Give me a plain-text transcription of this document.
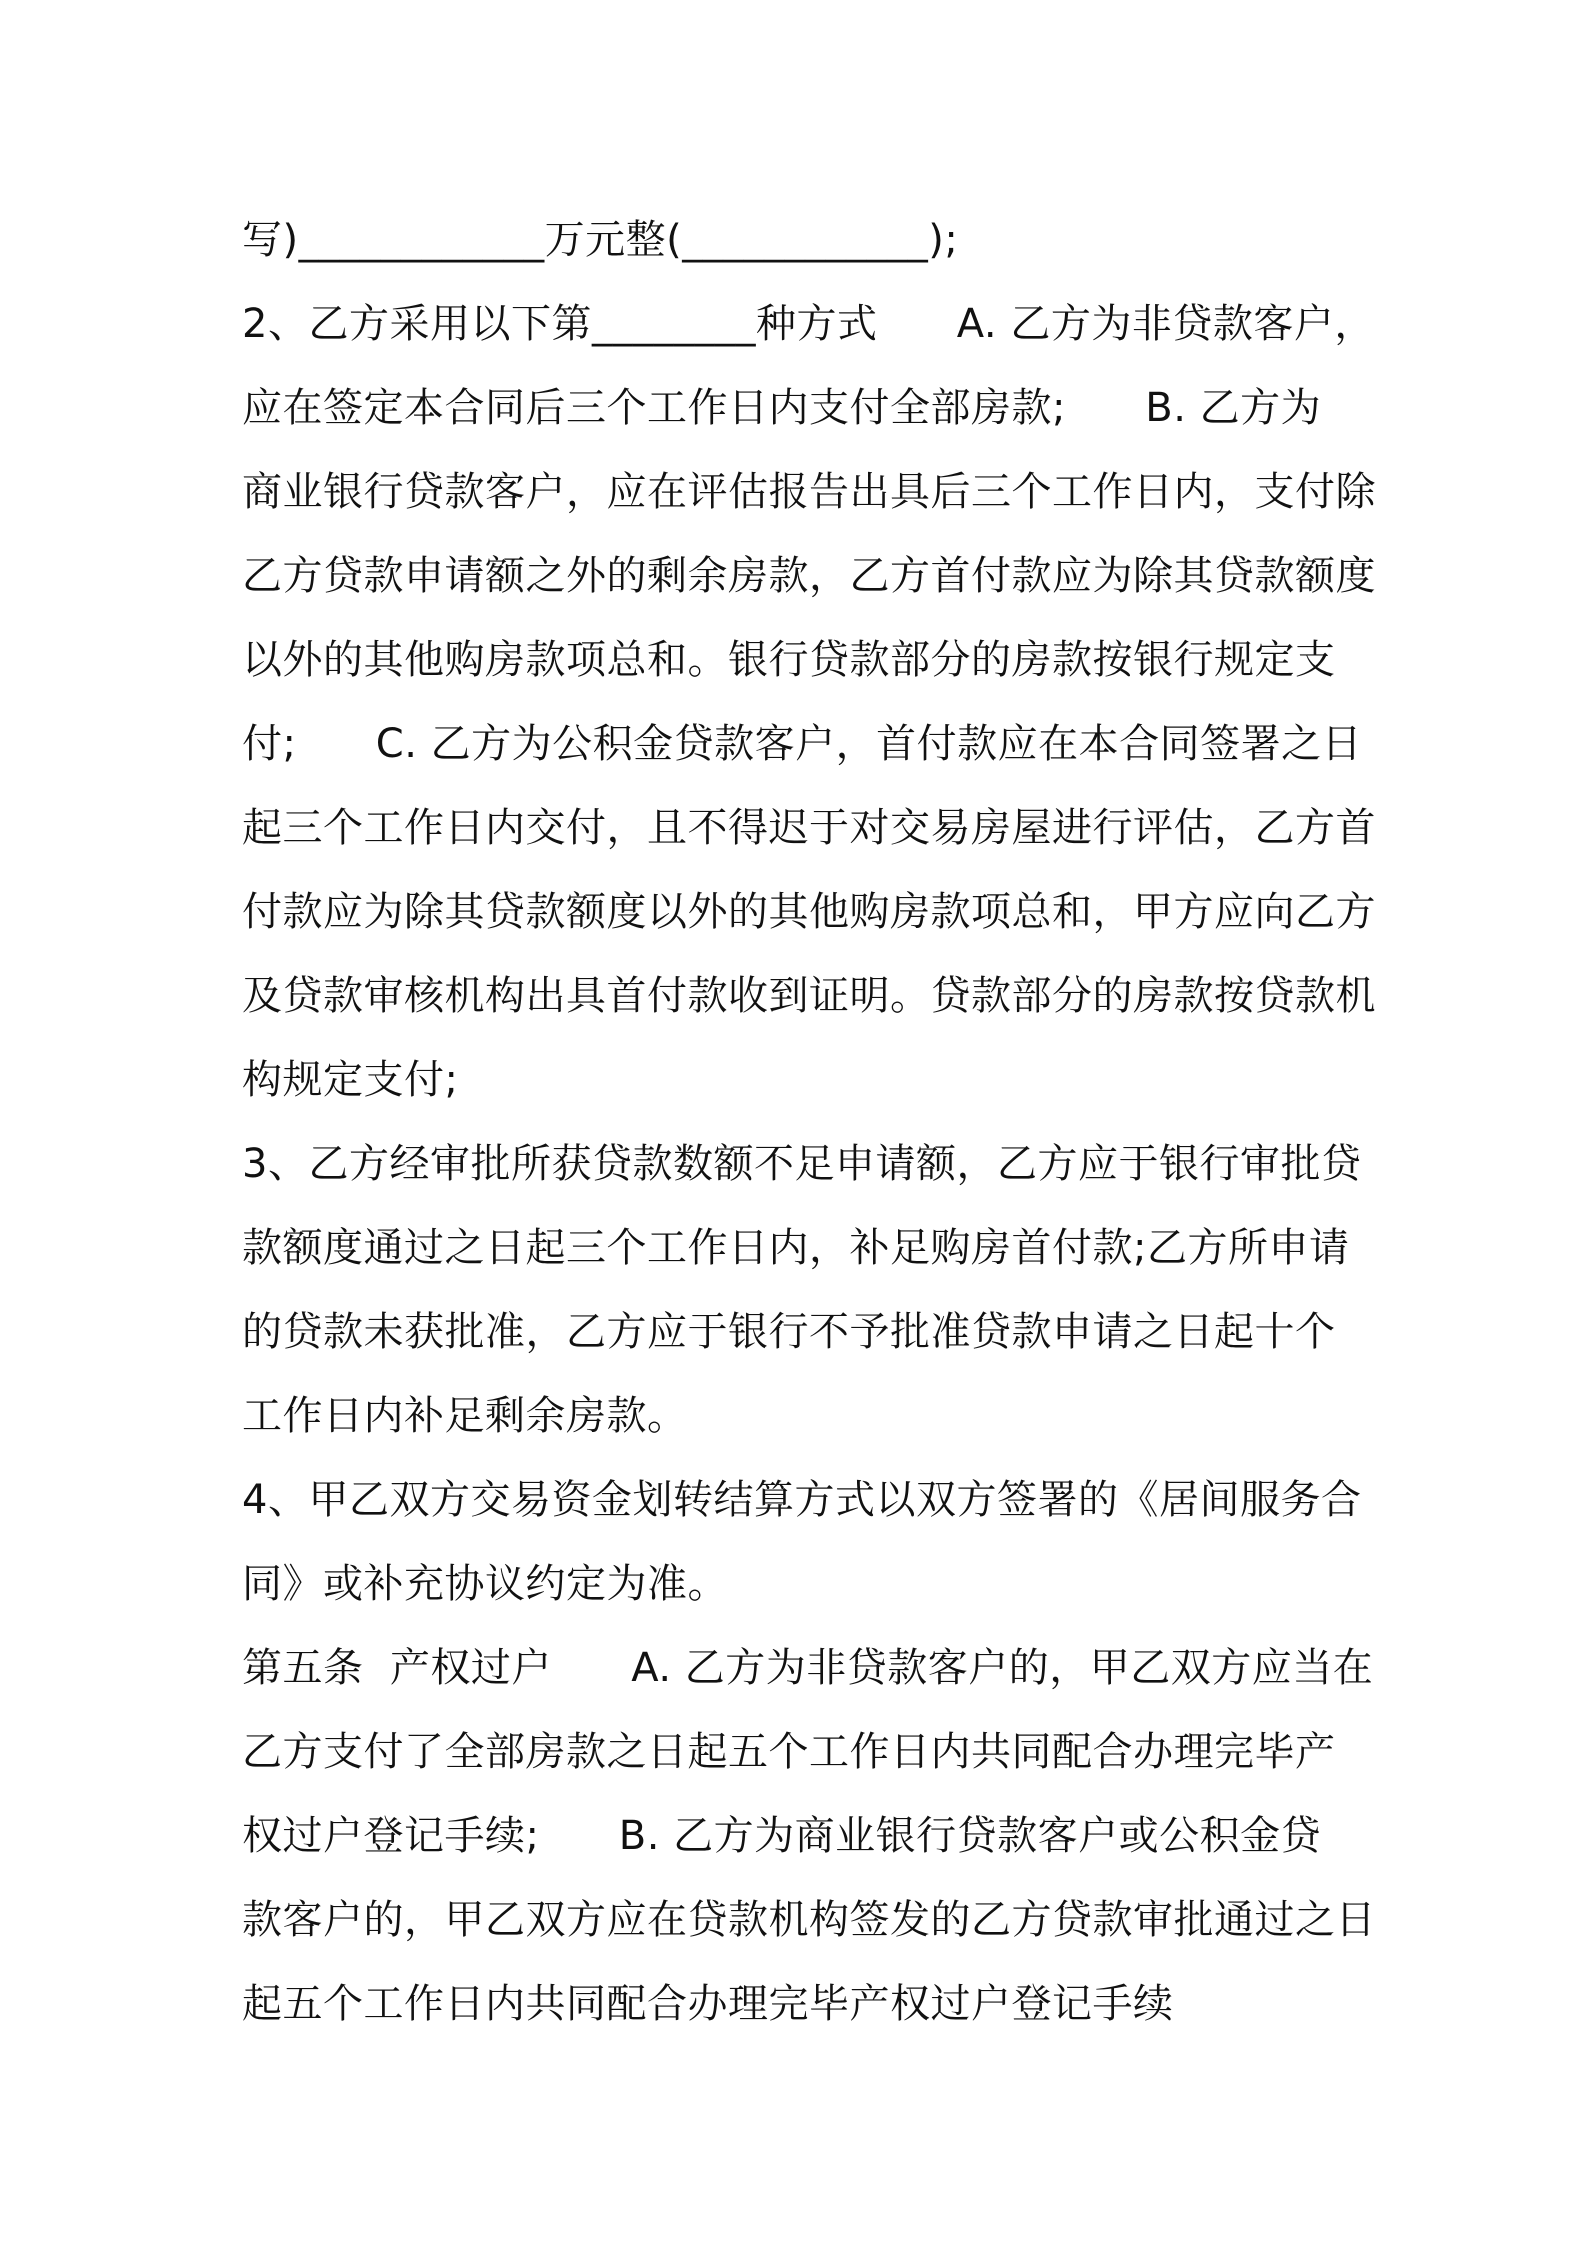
写)____________万元整(____________);
2、乙方采用以下第________种方式      A. 乙方为非贷款客户，
应在签定本合同后三个工作日内支付全部房款;      B. 乙方为
商业银行贷款客户，应在评估报告出具后三个工作日内，支付除
乙方贷款申请额之外的剩余房款，乙方首付款应为除其贷款额度
以外的其他购房款项总和。银行贷款部分的房款按银行规定支
付;      C. 乙方为公积金贷款客户，首付款应在本合同签署之日
起三个工作日内交付，且不得迟于对交易房屋进行评估，乙方首
付款应为除其贷款额度以外的其他购房款项总和，甲方应向乙方
及贷款审核机构出具首付款收到证明。贷款部分的房款按贷款机
构规定支付;
3、乙方经审批所获贷款数额不足申请额，乙方应于银行审批贷
款额度通过之日起三个工作日内，补足购房首付款;乙方所申请
的贷款未获批准，乙方应于银行不予批准贷款申请之日起十个
工作日内补足剩余房款。
4、甲乙双方交易资金划转结算方式以双方签署的《居间服务合
同》或补充协议约定为准。
第五条  产权过户      A. 乙方为非贷款客户的，甲乙双方应当在
乙方支付了全部房款之日起五个工作日内共同配合办理完毕产
权过户登记手续;      B. 乙方为商业银行贷款客户或公积金贷
款客户的，甲乙双方应在贷款机构签发的乙方贷款审批通过之日
起五个工作日内共同配合办理完毕产权过户登记手续
